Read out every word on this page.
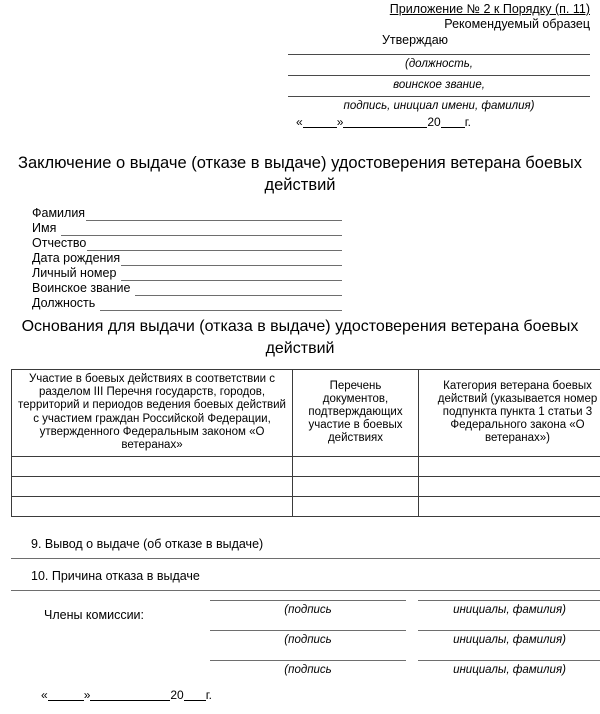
Приложение № 2 к Порядку (п. 11)
Рекомендуемый образец
Утверждаю
(должность,
воинское звание,
подпись, инициал имени, фамилия)
«	»	20 г.
Заключение о выдаче (отказе в выдаче) удостоверения ветерана боевых действий
Фамилия
Имя
Отчество
Дата рождения
Личный номер
Воинское звание
Должность
Основания для выдачи (отказа в выдаче) удостоверения ветерана боевых действий
Участие в боевых действиях в соответствии с разделом III Перечня государств, городов, территорий и периодов ведения боевых действий с участием граждан Российской Федерации, утвержденного Федеральным законом «О ветеранах»	Перечень документов, подтверждающих участие в боевых действиях	Категория ветерана боевых действий (указывается номер подпункта пункта 1 статьи 3 Федерального закона «О ветеранах»)

9. Вывод о выдаче (об отказе в выдаче)
10. Причина отказа в выдаче
Члены комиссии:	(подпись	инициалы, фамилия)
(подпись	инициалы, фамилия)
(подпись	инициалы, фамилия)
«	»	20 г.
